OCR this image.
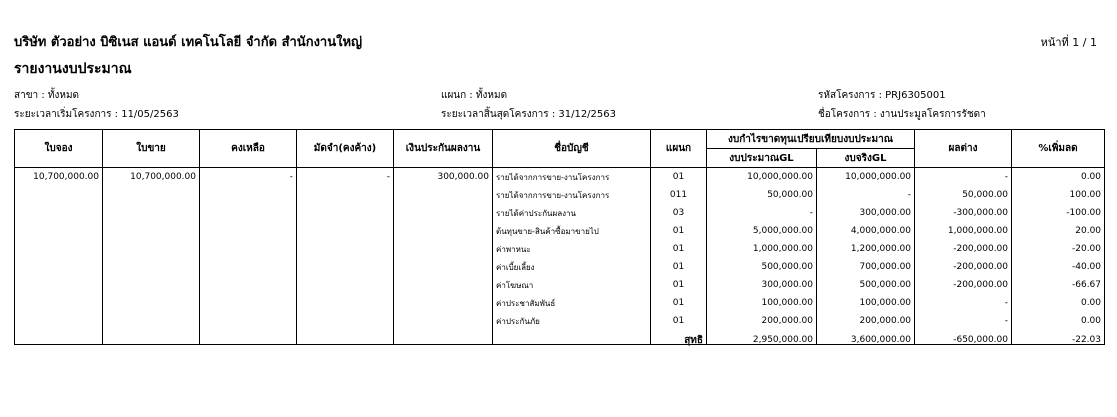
บริษัท ตัวอย่าง บิซิเนส แอนด์ เทคโนโลยี จำกัด สำนักงานใหญ่	หน้าที่ 1 / 1
รายงานงบประมาณ
สาขา : ทั้งหมด	แผนก : ทั้งหมด	รหัสโครงการ : PRJ6305001
ระยะเวลาเริ่มโครงการ : 11/05/2563	ระยะเวลาสิ้นสุดโครงการ : 31/12/2563	ชื่อโครงการ : งานประมูลโครการรัชดา
ใบจอง	ใบขาย	คงเหลือ	มัดจำ(คงค้าง)	เงินประกันผลงาน	ชื่อบัญชี	แผนก	งบกำไรขาดทุนเปรียบเทียบงบประมาณ		ผลต่าง	%เพิ่มลด
							งบประมาณGL	งบจริงGL		
10,700,000.00	10,700,000.00	-	-	300,000.00	รายได้จากการขาย-งานโครงการ	01	10,000,000.00	10,000,000.00	-	0.00
					รายได้จากการขาย-งานโครงการ	011	50,000.00	-	50,000.00	100.00
					รายได้ค่าประกันผลงาน	03	-	300,000.00	-300,000.00	-100.00
					ต้นทุนขาย-สินค้าซื้อมาขายไป	01	5,000,000.00	4,000,000.00	1,000,000.00	20.00
					ค่าพาหนะ	01	1,000,000.00	1,200,000.00	-200,000.00	-20.00
					ค่าเบี้ยเลี้ยง	01	500,000.00	700,000.00	-200,000.00	-40.00
					ค่าโฆษณา	01	300,000.00	500,000.00	-200,000.00	-66.67
					ค่าประชาสัมพันธ์	01	100,000.00	100,000.00	-	0.00
					ค่าประกันภัย	01	200,000.00	200,000.00	-	0.00

						สุทธิ	2,950,000.00	3,600,000.00	-650,000.00	-22.03
